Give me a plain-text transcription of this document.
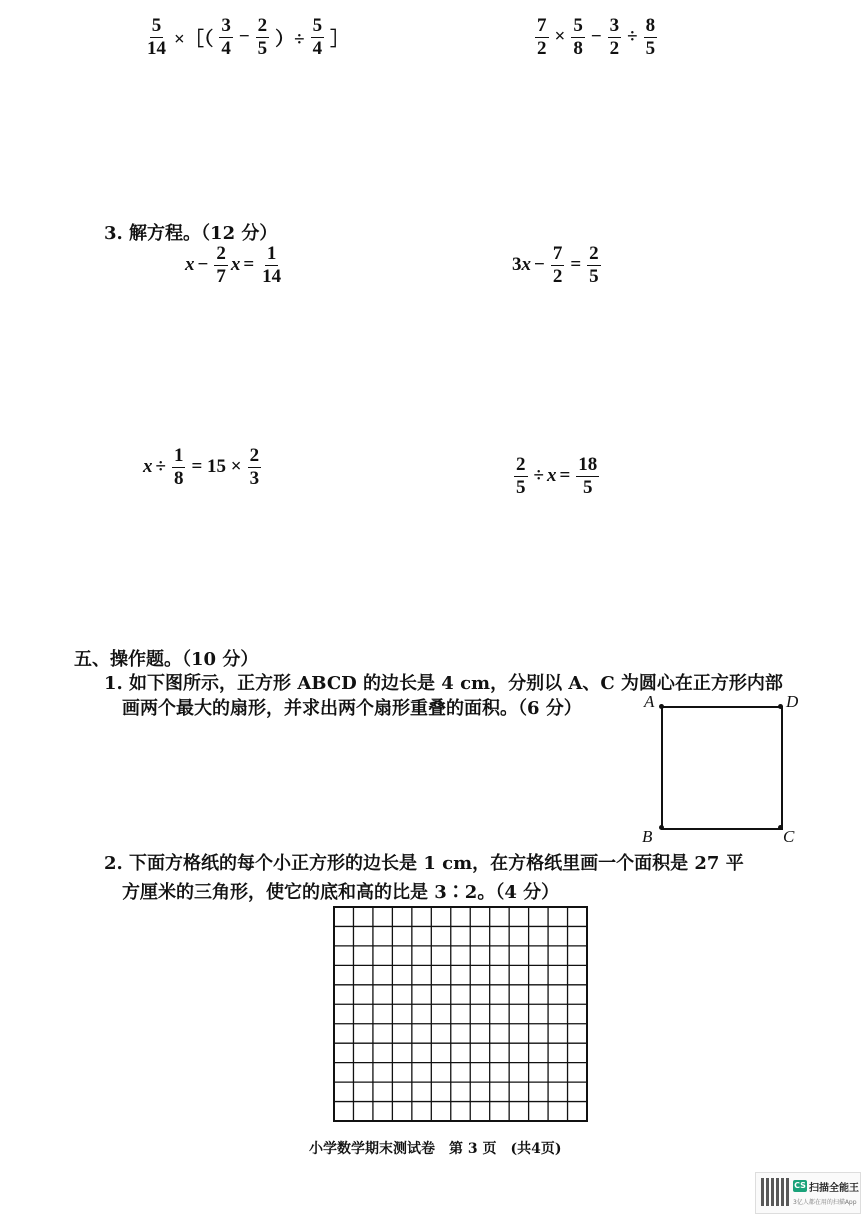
$\frac{5}{14}$ ×［（ $\frac{3}{4} - \frac{2}{5}$ ）÷ $\frac{5}{4}$ ］	$\frac{7}{2} \times \frac{5}{8} - \frac{3}{2} \div \frac{8}{5}$
3. 解方程。（12 分）
$x - \frac{2}{7}$ $x = \frac{1}{14}$	3 $x - \frac{7}{2} = \frac{2}{5}$
$x \div \frac{1}{8} = 15 \times \frac{2}{3}$	$\frac{2}{5} \div x = \frac{18}{5}$
五、操作题。（10 分）
1. 如下图所示，正方形 ABCD 的边长是 4 cm，分别以 A、C 为圆心在正方形内部
画两个最大的扇形，并求出两个扇形重叠的面积。（6 分）	A	D
B	C
2. 下面方格纸的每个小正方形的边长是 1 cm，在方格纸里画一个面积是 27 平
方厘米的三角形，使它的底和高的比是 3∶2。（4 分）
小学数学期末测试卷　第 3 页　(共4页)
CS 扫描全能王
3亿人都在用的扫描App
